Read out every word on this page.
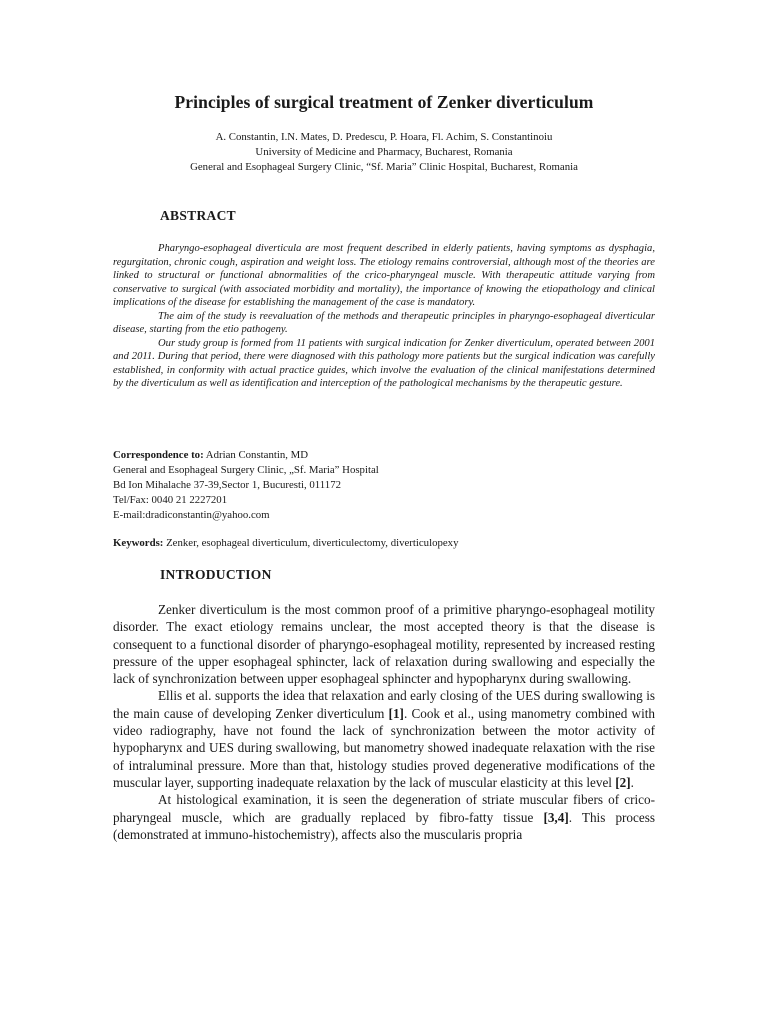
Principles of surgical treatment of Zenker diverticulum
A. Constantin, I.N. Mates, D. Predescu, P. Hoara, Fl. Achim, S. Constantinoiu
University of Medicine and Pharmacy, Bucharest, Romania
General and Esophageal Surgery Clinic, “Sf. Maria” Clinic Hospital, Bucharest, Romania
ABSTRACT

Pharyngo-esophageal diverticula are most frequent described in elderly patients, having symptoms as dysphagia, regurgitation, chronic cough, aspiration and weight loss. The etiology remains controversial, although most of the theories are linked to structural or functional abnormalities of the crico-pharyngeal muscle. With therapeutic attitude varying from conservative to surgical (with associated morbidity and mortality), the importance of knowing the etiopathology and clinical implications of the disease for establishing the management of the case is mandatory.

The aim of the study is reevaluation of the methods and therapeutic principles in pharyngo-esophageal diverticular disease, starting from the etio pathogeny.

Our study group is formed from 11 patients with surgical indication for Zenker diverticulum, operated between 2001 and 2011. During that period, there were diagnosed with this pathology more patients but the surgical indication was carefully established, in conformity with actual practice guides, which involve the evaluation of the clinical manifestations determined by the diverticulum as well as identification and interception of the pathological mechanisms by the therapeutic gesture.

Correspondence to: Adrian Constantin, MD
General and Esophageal Surgery Clinic, „Sf. Maria” Hospital
Bd Ion Mihalache 37-39,Sector 1, Bucuresti, 011172
Tel/Fax: 0040 21 2227201
E-mail:dradiconstantin@yahoo.com
Keywords: Zenker, esophageal diverticulum, diverticulectomy, diverticulopexy
INTRODUCTION

Zenker diverticulum is the most common proof of a primitive pharyngo-esophageal motility disorder. The exact etiology remains unclear, the most accepted theory is that the disease is consequent to a functional disorder of pharyngo-esophageal motility, represented by increased resting pressure of the upper esophageal sphincter, lack of relaxation during swallowing and especially the lack of synchronization between upper esophageal sphincter and hypopharynx during swallowing.

Ellis et al. supports the idea that relaxation and early closing of the UES during swallowing is the main cause of developing Zenker diverticulum [1]. Cook et al., using manometry combined with video radiography, have not found the lack of synchronization between the motor activity of hypopharynx and UES during swallowing, but manometry showed inadequate relaxation with the rise of intraluminal pressure. More than that, histology studies proved degenerative modifications of the muscular layer, supporting inadequate relaxation by the lack of muscular elasticity at this level [2].

At histological examination, it is seen the degeneration of striate muscular fibers of crico-pharyngeal muscle, which are gradually replaced by fibro-fatty tissue [3,4]. This process (demonstrated at immuno-histochemistry), affects also the muscularis propria
